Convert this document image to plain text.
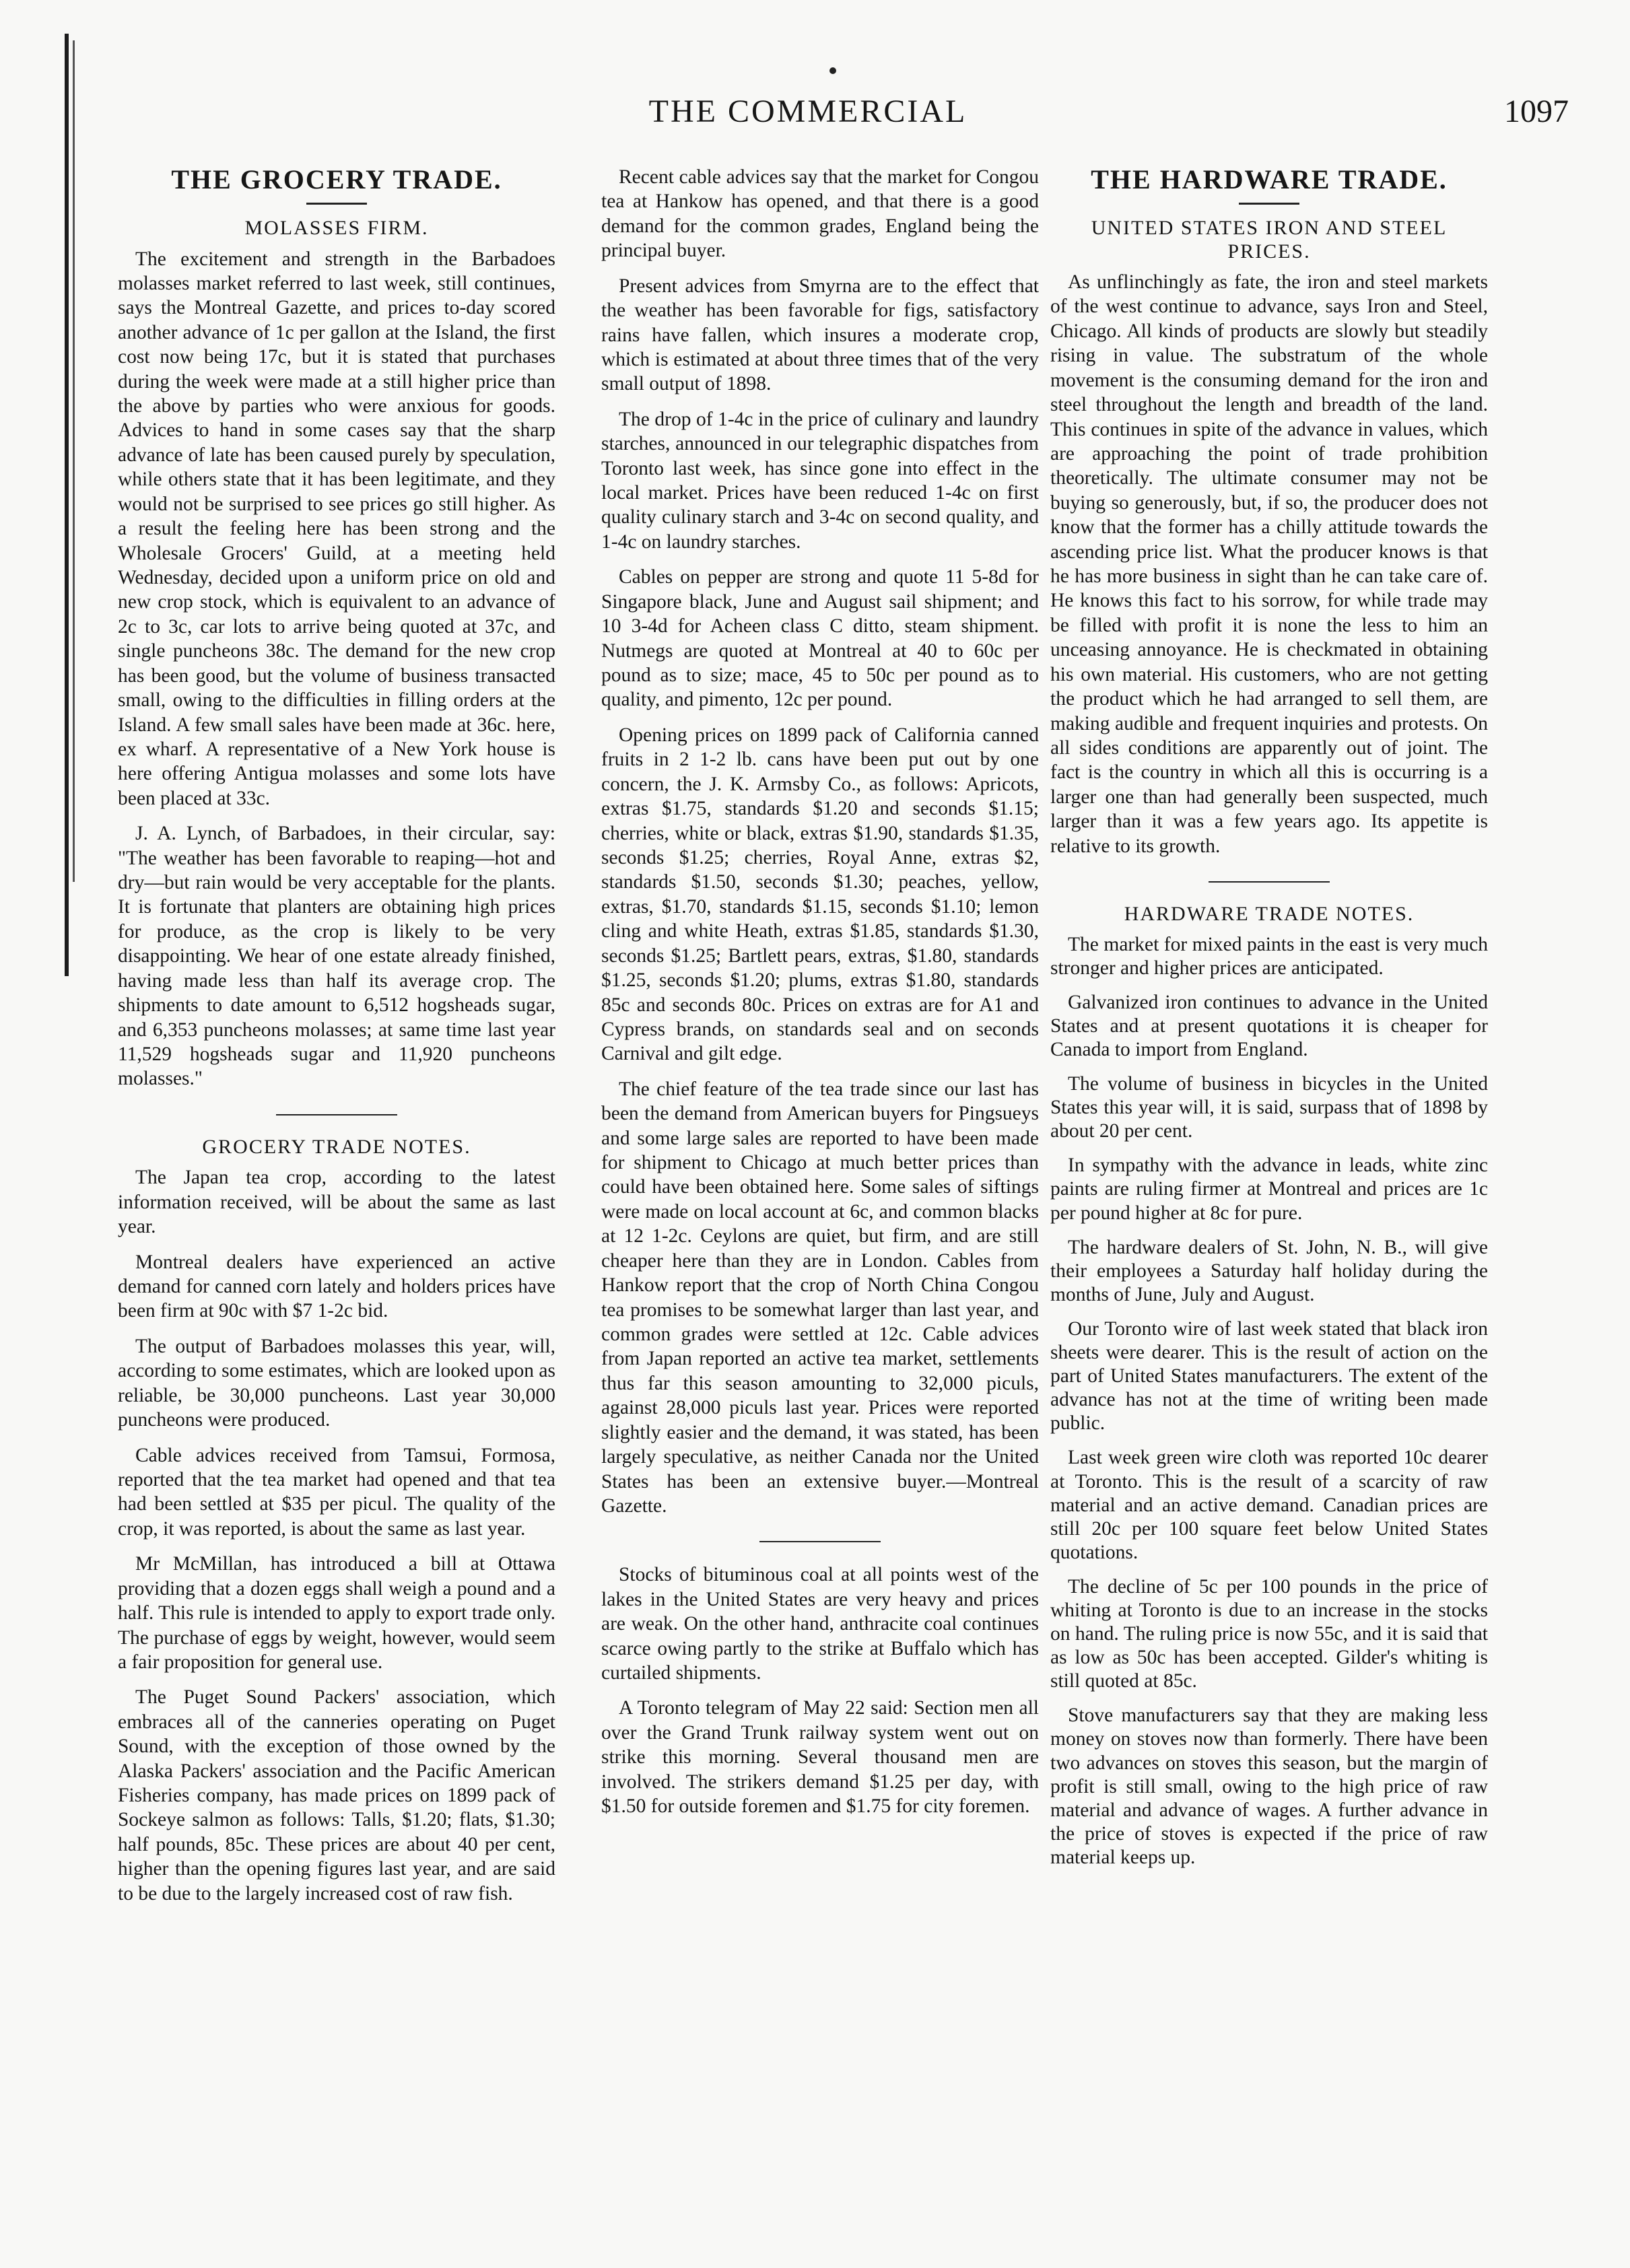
THE COMMERCIAL	1097
THE GROCERY TRADE.
MOLASSES FIRM.

The excitement and strength in the Barbadoes molasses market referred to last week, still continues, says the Montreal Gazette, and prices to-day scored another advance of 1c per gallon at the Island, the first cost now being 17c, but it is stated that purchases during the week were made at a still higher price than the above by parties who were anxious for goods. Advices to hand in some cases say that the sharp advance of late has been caused purely by speculation, while others state that it has been legitimate, and they would not be surprised to see prices go still higher. As a result the feeling here has been strong and the Wholesale Grocers' Guild, at a meeting held Wednesday, decided upon a uniform price on old and new crop stock, which is equivalent to an advance of 2c to 3c, car lots to arrive being quoted at 37c, and single puncheons 38c. The demand for the new crop has been good, but the volume of business transacted small, owing to the difficulties in filling orders at the Island. A few small sales have been made at 36c. here, ex wharf. A representative of a New York house is here offering Antigua molasses and some lots have been placed at 33c.

J. A. Lynch, of Barbadoes, in their circular, say: "The weather has been favorable to reaping—hot and dry—but rain would be very acceptable for the plants. It is fortunate that planters are obtaining high prices for produce, as the crop is likely to be very disappointing. We hear of one estate already finished, having made less than half its average crop. The shipments to date amount to 6,512 hogsheads sugar, and 6,353 puncheons molasses; at same time last year 11,529 hogsheads sugar and 11,920 puncheons molasses."

GROCERY TRADE NOTES.

The Japan tea crop, according to the latest information received, will be about the same as last year.

Montreal dealers have experienced an active demand for canned corn lately and holders prices have been firm at 90c with $7 1-2c bid.

The output of Barbadoes molasses this year, will, according to some estimates, which are looked upon as reliable, be 30,000 puncheons. Last year 30,000 puncheons were produced.

Cable advices received from Tamsui, Formosa, reported that the tea market had opened and that tea had been settled at $35 per picul. The quality of the crop, it was reported, is about the same as last year.

Mr McMillan, has introduced a bill at Ottawa providing that a dozen eggs shall weigh a pound and a half. This rule is intended to apply to export trade only. The purchase of eggs by weight, however, would seem a fair proposition for general use.

The Puget Sound Packers' association, which embraces all of the canneries operating on Puget Sound, with the exception of those owned by the Alaska Packers' association and the Pacific American Fisheries company, has made prices on 1899 pack of Sockeye salmon as follows: Talls, $1.20; flats, $1.30; half pounds, 85c. These prices are about 40 per cent, higher than the opening figures last year, and are said to be due to the largely increased cost of raw fish.

Recent cable advices say that the market for Congou tea at Hankow has opened, and that there is a good demand for the common grades, England being the principal buyer.

Present advices from Smyrna are to the effect that the weather has been favorable for figs, satisfactory rains have fallen, which insures a moderate crop, which is estimated at about three times that of the very small output of 1898.

The drop of 1-4c in the price of culinary and laundry starches, announced in our telegraphic dispatches from Toronto last week, has since gone into effect in the local market. Prices have been reduced 1-4c on first quality culinary starch and 3-4c on second quality, and 1-4c on laundry starches.

Cables on pepper are strong and quote 11 5-8d for Singapore black, June and August sail shipment; and 10 3-4d for Acheen class C ditto, steam shipment. Nutmegs are quoted at Montreal at 40 to 60c per pound as to size; mace, 45 to 50c per pound as to quality, and pimento, 12c per pound.

Opening prices on 1899 pack of California canned fruits in 2 1-2 lb. cans have been put out by one concern, the J. K. Armsby Co., as follows: Apricots, extras $1.75, standards $1.20 and seconds $1.15; cherries, white or black, extras $1.90, standards $1.35, seconds $1.25; cherries, Royal Anne, extras $2, standards $1.50, seconds $1.30; peaches, yellow, extras, $1.70, standards $1.15, seconds $1.10; lemon cling and white Heath, extras $1.85, standards $1.30, seconds $1.25; Bartlett pears, extras, $1.80, standards $1.25, seconds $1.20; plums, extras $1.80, standards 85c and seconds 80c. Prices on extras are for A1 and Cypress brands, on standards seal and on seconds Carnival and gilt edge.

The chief feature of the tea trade since our last has been the demand from American buyers for Pingsueys and some large sales are reported to have been made for shipment to Chicago at much better prices than could have been obtained here. Some sales of siftings were made on local account at 6c, and common blacks at 12 1-2c. Ceylons are quiet, but firm, and are still cheaper here than they are in London. Cables from Hankow report that the crop of North China Congou tea promises to be somewhat larger than last year, and common grades were settled at 12c. Cable advices from Japan reported an active tea market, settlements thus far this season amounting to 32,000 piculs, against 28,000 piculs last year. Prices were reported slightly easier and the demand, it was stated, has been largely speculative, as neither Canada nor the United States has been an extensive buyer.—Montreal Gazette.

Stocks of bituminous coal at all points west of the lakes in the United States are very heavy and prices are weak. On the other hand, anthracite coal continues scarce owing partly to the strike at Buffalo which has curtailed shipments.

A Toronto telegram of May 22 said: Section men all over the Grand Trunk railway system went out on strike this morning. Several thousand men are involved. The strikers demand $1.25 per day, with $1.50 for outside foremen and $1.75 for city foremen.

THE HARDWARE TRADE.
UNITED STATES IRON AND STEEL
PRICES.

As unflinchingly as fate, the iron and steel markets of the west continue to advance, says Iron and Steel, Chicago. All kinds of products are slowly but steadily rising in value. The substratum of the whole movement is the consuming demand for the iron and steel throughout the length and breadth of the land. This continues in spite of the advance in values, which are approaching the point of trade prohibition theoretically. The ultimate consumer may not be buying so generously, but, if so, the producer does not know that the former has a chilly attitude towards the ascending price list. What the producer knows is that he has more business in sight than he can take care of. He knows this fact to his sorrow, for while trade may be filled with profit it is none the less to him an unceasing annoyance. He is checkmated in obtaining his own material. His customers, who are not getting the product which he had arranged to sell them, are making audible and frequent inquiries and protests. On all sides conditions are apparently out of joint. The fact is the country in which all this is occurring is a larger one than had generally been suspected, much larger than it was a few years ago. Its appetite is relative to its growth.

HARDWARE TRADE NOTES.

The market for mixed paints in the east is very much stronger and higher prices are anticipated.

Galvanized iron continues to advance in the United States and at present quotations it is cheaper for Canada to import from England.

The volume of business in bicycles in the United States this year will, it is said, surpass that of 1898 by about 20 per cent.

In sympathy with the advance in leads, white zinc paints are ruling firmer at Montreal and prices are 1c per pound higher at 8c for pure.

The hardware dealers of St. John, N. B., will give their employees a Saturday half holiday during the months of June, July and August.

Our Toronto wire of last week stated that black iron sheets were dearer. This is the result of action on the part of United States manufacturers. The extent of the advance has not at the time of writing been made public.

Last week green wire cloth was reported 10c dearer at Toronto. This is the result of a scarcity of raw material and an active demand. Canadian prices are still 20c per 100 square feet below United States quotations.

The decline of 5c per 100 pounds in the price of whiting at Toronto is due to an increase in the stocks on hand. The ruling price is now 55c, and it is said that as low as 50c has been accepted. Gilder's whiting is still quoted at 85c.

Stove manufacturers say that they are making less money on stoves now than formerly. There have been two advances on stoves this season, but the margin of profit is still small, owing to the high price of raw material and advance of wages. A further advance in the price of stoves is expected if the price of raw material keeps up.
